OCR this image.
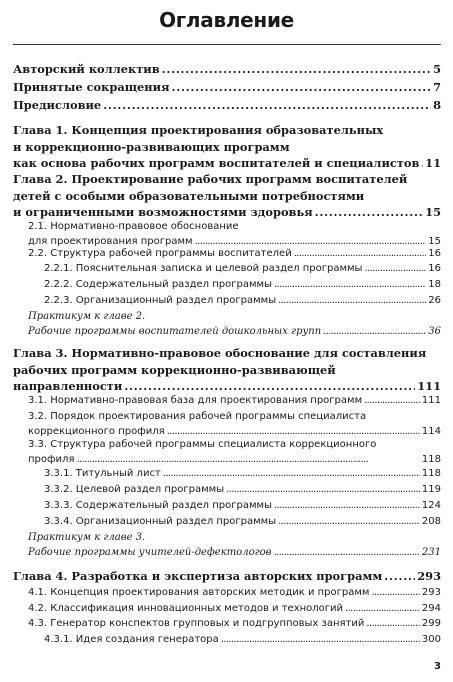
Оглавление
Авторский коллектив . . .	5
Принятые сокращения . . .	7
Предисловие . . .	8
Глава 1. Концепция проектирования образовательных
и коррекционно-развивающих программ
как основа рабочих программ воспитателей и специалистов . . . 11
Глава 2. Проектирование рабочих программ воспитателей
детей с особыми образовательными потребностями
и ограниченными возможностями здоровья . . .	15
2.1. Нормативно-правовое обоснование
для проектирования программ . . .	15
2.2. Структура рабочей программы воспитателей . . .	16
2.2.1. Пояснительная записка и целевой раздел программы . . .	16
2.2.2. Содержательный раздел программы . . .	18
2.2.3. Организационный раздел программы . . .	26
Практикум к главе 2.
Рабочие программы воспитателей дошкольных групп . . .	36
Глава 3. Нормативно-правовое обоснование для составления
рабочих программ коррекционно-развивающей
направленности . . .	111
3.1. Нормативно-правовая база для проектирования программ . . .	111
3.2. Порядок проектирования рабочей программы специалиста
коррекционного профиля . . .	114
3.3. Структура рабочей программы специалиста коррекционного
профиля . . .	118
3.3.1. Титульный лист . . .	118
3.3.2. Целевой раздел программы . . .	119
3.3.3. Содержательный раздел программы . . .	124
3.3.4. Организационный раздел программы . . .	208
Практикум к главе 3.
Рабочие программы учителей-дефектологов . . .	231
Глава 4. Разработка и экспертиза авторских программ . . .	293
4.1. Концепция проектирования авторских методик и программ . . .	293
4.2. Классификация инновационных методов и технологий . . .	294
4.3. Генератор конспектов групповых и подгрупповых занятий . . .	299
4.3.1. Идея создания генератора . . .	300
3
